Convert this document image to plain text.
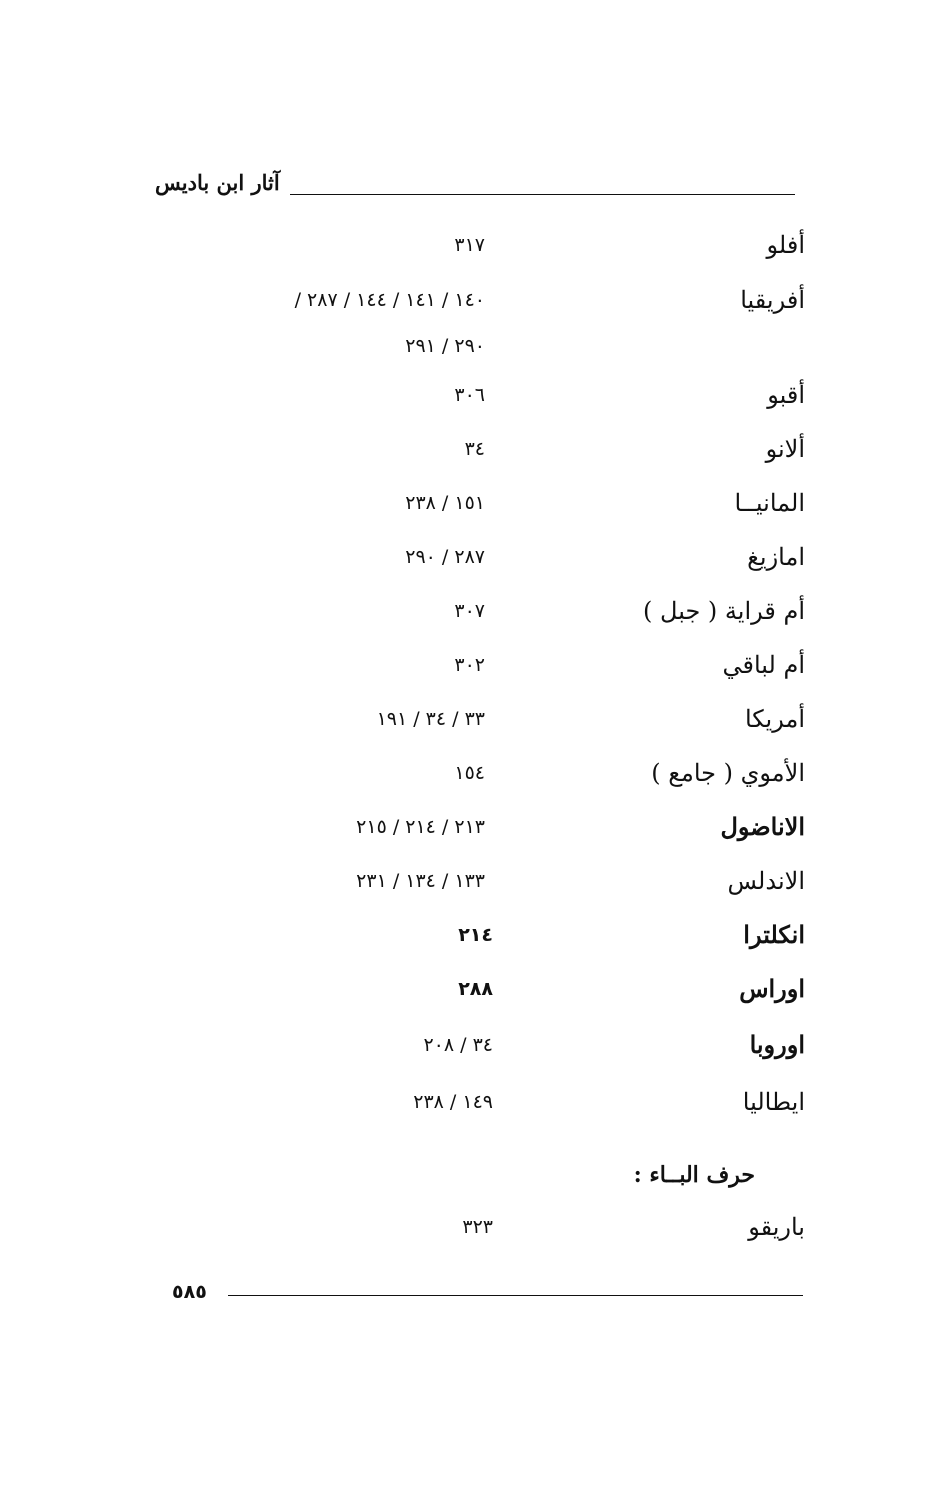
آثار ابن باديس
أفلو
٣١٧
أفريقيا
١٤٠ / ١٤١ / ١٤٤ / ٢٨٧ /
٢٩٠ / ٢٩١
أقبو
٣٠٦
ألانو
٣٤
المانيــا
١٥١ / ٢٣٨
امازيغ
٢٨٧ / ٢٩٠
أم قراية ( جبل )
٣٠٧
أم لباقي
٣٠٢
أمريكا
٣٣ / ٣٤ / ١٩١
الأموي ( جامع )
١٥٤
الاناضول
٢١٣ / ٢١٤ / ٢١٥
الاندلس
١٣٣ / ١٣٤ / ٢٣١
انكلترا
٢١٤
اوراس
٢٨٨
اوروبا
٣٤ / ٢٠٨
ايطاليا
١٤٩ / ٢٣٨
حرف البــاء :
باريقو
٣٢٣
٥٨٥
